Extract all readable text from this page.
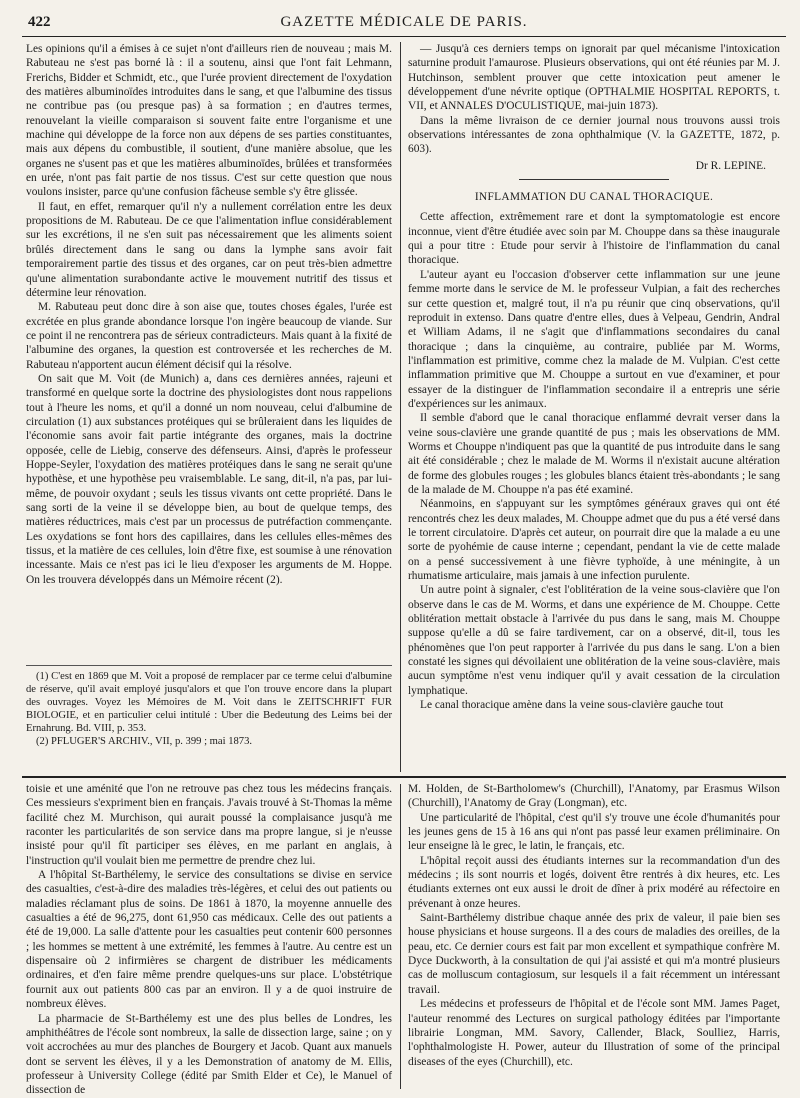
422	GAZETTE MÉDICALE DE PARIS.

Les opinions qu'il a émises à ce sujet n'ont d'ailleurs rien de nouveau ; mais M. Rabuteau ne s'est pas borné là : il a soutenu, ainsi que l'ont fait Lehmann, Frerichs, Bidder et Schmidt, etc., que l'urée provient directement de l'oxydation des matières albuminoïdes introduites dans le sang, et que l'albumine des tissus ne contribue pas (ou presque pas) à sa formation ; en d'autres termes, renouvelant la vieille comparaison si souvent faite entre l'organisme et une machine qui développe de la force non aux dépens de ses parties constituantes, mais aux dépens du combustible, il soutient, d'une manière absolue, que les organes ne s'usent pas et que les matières albuminoïdes, brûlées et transformées en urée, n'ont pas fait partie de nos tissus. C'est sur cette question que nous voulons insister, parce qu'une confusion fâcheuse semble s'y être glissée.

Il faut, en effet, remarquer qu'il n'y a nullement corrélation entre les deux propositions de M. Rabuteau. De ce que l'alimentation influe considérablement sur les excrétions, il ne s'en suit pas nécessairement que les aliments soient brûlés directement dans le sang ou dans la lymphe sans avoir fait temporairement partie des tissus et des organes, car on peut très-bien admettre qu'une alimentation surabondante active le mouvement nutritif des tissus et détermine leur rénovation.

M. Rabuteau peut donc dire à son aise que, toutes choses égales, l'urée est excrétée en plus grande abondance lorsque l'on ingère beaucoup de viande. Sur ce point il ne rencontrera pas de sérieux contradicteurs. Mais quant à la fixité de l'albumine des organes, la question est controversée et les recherches de M. Rabuteau n'apportent aucun élément décisif qui la résolve.

On sait que M. Voit (de Munich) a, dans ces dernières années, rajeuni et transformé en quelque sorte la doctrine des physiologistes dont nous rappelions tout à l'heure les noms, et qu'il a donné un nom nouveau, celui d'albumine de circulation (1) aux substances protéiques qui se brûleraient dans les liquides de l'économie sans avoir fait partie intégrante des organes, mais la doctrine opposée, celle de Liebig, conserve des défenseurs. Ainsi, d'après le professeur Hoppe-Seyler, l'oxydation des matières protéiques dans le sang ne serait qu'une hypothèse, et une hypothèse peu vraisemblable. Le sang, dit-il, n'a pas, par lui-même, de pouvoir oxydant ; seuls les tissus vivants ont cette propriété. Dans le sang sorti de la veine il se développe bien, au bout de quelque temps, des matières réductrices, mais c'est par un processus de putréfaction commençante. Les oxydations se font hors des capillaires, dans les cellules elles-mêmes des tissus, et la matière de ces cellules, loin d'être fixe, est soumise à une rénovation incessante. Mais ce n'est pas ici le lieu d'exposer les arguments de M. Hoppe. On les trouvera développés dans un Mémoire récent (2).

(1) C'est en 1869 que M. Voit a proposé de remplacer par ce terme celui d'albumine de réserve, qu'il avait employé jusqu'alors et que l'on trouve encore dans la plupart des ouvrages. Voyez les Mémoires de M. Voit dans le ZEITSCHRIFT FUR BIOLOGIE, et en particulier celui intitulé : Uber die Bedeutung des Leims bei der Ernahrung. Bd. VIII, p. 353.

(2) PFLUGER'S ARCHIV., VII, p. 399 ; mai 1873.

— Jusqu'à ces derniers temps on ignorait par quel mécanisme l'intoxication saturnine produit l'amaurose. Plusieurs observations, qui ont été réunies par M. J. Hutchinson, semblent prouver que cette intoxication peut amener le développement d'une névrite optique (OPTHALMIE HOSPITAL REPORTS, t. VII, et ANNALES D'OCULISTIQUE, mai-juin 1873).

Dans la même livraison de ce dernier journal nous trouvons aussi trois observations intéressantes de zona ophthalmique (V. la GAZETTE, 1872, p. 603).

Dr R. LEPINE.
INFLAMMATION DU CANAL THORACIQUE.

Cette affection, extrêmement rare et dont la symptomatologie est encore inconnue, vient d'être étudiée avec soin par M. Chouppe dans sa thèse inaugurale qui a pour titre : Etude pour servir à l'histoire de l'inflammation du canal thoracique.

L'auteur ayant eu l'occasion d'observer cette inflammation sur une jeune femme morte dans le service de M. le professeur Vulpian, a fait des recherches sur cette question et, malgré tout, il n'a pu réunir que cinq observations, qu'il reproduit in extenso. Dans quatre d'entre elles, dues à Velpeau, Gendrin, Andral et William Adams, il ne s'agit que d'inflammations secondaires du canal thoracique ; dans la cinquième, au contraire, publiée par M. Worms, l'inflammation est primitive, comme chez la malade de M. Vulpian. C'est cette inflammation primitive que M. Chouppe a surtout en vue d'examiner, et pour essayer de la distinguer de l'inflammation secondaire il a entrepris une série d'expériences sur les animaux.

Il semble d'abord que le canal thoracique enflammé devrait verser dans la veine sous-clavière une grande quantité de pus ; mais les observations de MM. Worms et Chouppe n'indiquent pas que la quantité de pus introduite dans le sang ait été considérable ; chez le malade de M. Worms il n'existait aucune altération de forme des globules rouges ; les globules blancs étaient très-abondants ; le sang de la malade de M. Chouppe n'a pas été examiné.

Néanmoins, en s'appuyant sur les symptômes généraux graves qui ont été rencontrés chez les deux malades, M. Chouppe admet que du pus a été versé dans le torrent circulatoire. D'après cet auteur, on pourrait dire que la malade a eu une sorte de pyohémie de cause interne ; cependant, pendant la vie de cette malade on a pensé successivement à une fièvre typhoïde, à une méningite, à un rhumatisme articulaire, mais jamais à une infection purulente.

Un autre point à signaler, c'est l'oblitération de la veine sous-clavière que l'on observe dans le cas de M. Worms, et dans une expérience de M. Chouppe. Cette oblitération mettait obstacle à l'arrivée du pus dans le sang, mais M. Chouppe suppose qu'elle a dû se faire tardivement, car on a observé, dit-il, tous les phénomènes que l'on peut rapporter à l'arrivée du pus dans le sang. L'on a bien constaté les signes qui dévoilaient une oblitération de la veine sous-clavière, mais aucun symptôme n'est venu indiquer qu'il y avait cessation de la circulation lymphatique.

Le canal thoracique amène dans la veine sous-clavière gauche tout

toisie et une aménité que l'on ne retrouve pas chez tous les médecins français. Ces messieurs s'expriment bien en français. J'avais trouvé à St-Thomas la même facilité chez M. Murchison, qui aurait poussé la complaisance jusqu'à me raconter les particularités de son service dans ma propre langue, si je n'eusse insisté pour qu'il fît participer ses élèves, en me parlant en anglais, à l'instruction qu'il voulait bien me permettre de prendre chez lui.

A l'hôpital St-Barthélemy, le service des consultations se divise en service des casualties, c'est-à-dire des maladies très-légères, et celui des out patients ou maladies réclamant plus de soins. De 1861 à 1870, la moyenne annuelle des casualties a été de 96,275, dont 61,950 cas médicaux. Celle des out patients a été de 19,000. La salle d'attente pour les casualties peut contenir 600 personnes ; les hommes se mettent à une extrémité, les femmes à l'autre. Au centre est un dispensaire où 2 infirmières se chargent de distribuer les médicaments ordinaires, et d'en faire même prendre quelques-uns sur place. L'obstétrique fournit aux out patients 800 cas par an environ. Il y a de quoi instruire de nombreux élèves.

La pharmacie de St-Barthélemy est une des plus belles de Londres, les amphithéâtres de l'école sont nombreux, la salle de dissection large, saine ; on y voit accrochées au mur des planches de Bourgery et Jacob. Quant aux manuels dont se servent les élèves, il y a les Demonstration of anatomy de M. Ellis, professeur à University College (édité par Smith Elder et Ce), le Manuel of dissection de

M. Holden, de St-Bartholomew's (Churchill), l'Anatomy, par Erasmus Wilson (Churchill), l'Anatomy de Gray (Longman), etc.

Une particularité de l'hôpital, c'est qu'il s'y trouve une école d'humanités pour les jeunes gens de 15 à 16 ans qui n'ont pas passé leur examen préliminaire. On leur enseigne là le grec, le latin, le français, etc.

L'hôpital reçoit aussi des étudiants internes sur la recommandation d'un des médecins ; ils sont nourris et logés, doivent être rentrés à dix heures, etc. Les étudiants externes ont eux aussi le droit de dîner à prix modéré au réfectoire en prévenant à onze heures.

Saint-Barthélemy distribue chaque année des prix de valeur, il paie bien ses house physicians et house surgeons. Il a des cours de maladies des oreilles, de la peau, etc. Ce dernier cours est fait par mon excellent et sympathique confrère M. Dyce Duckworth, à la consultation de qui j'ai assisté et qui m'a montré plusieurs cas de molluscum contagiosum, sur lesquels il a fait récemment un intéressant travail.

Les médecins et professeurs de l'hôpital et de l'école sont MM. James Paget, l'auteur renommé des Lectures on surgical pathology éditées par l'importante librairie Longman, MM. Savory, Callender, Black, Soulliez, Harris, l'ophthalmologiste H. Power, auteur du Illustration of some of the principal diseases of the eyes (Churchill), etc.
